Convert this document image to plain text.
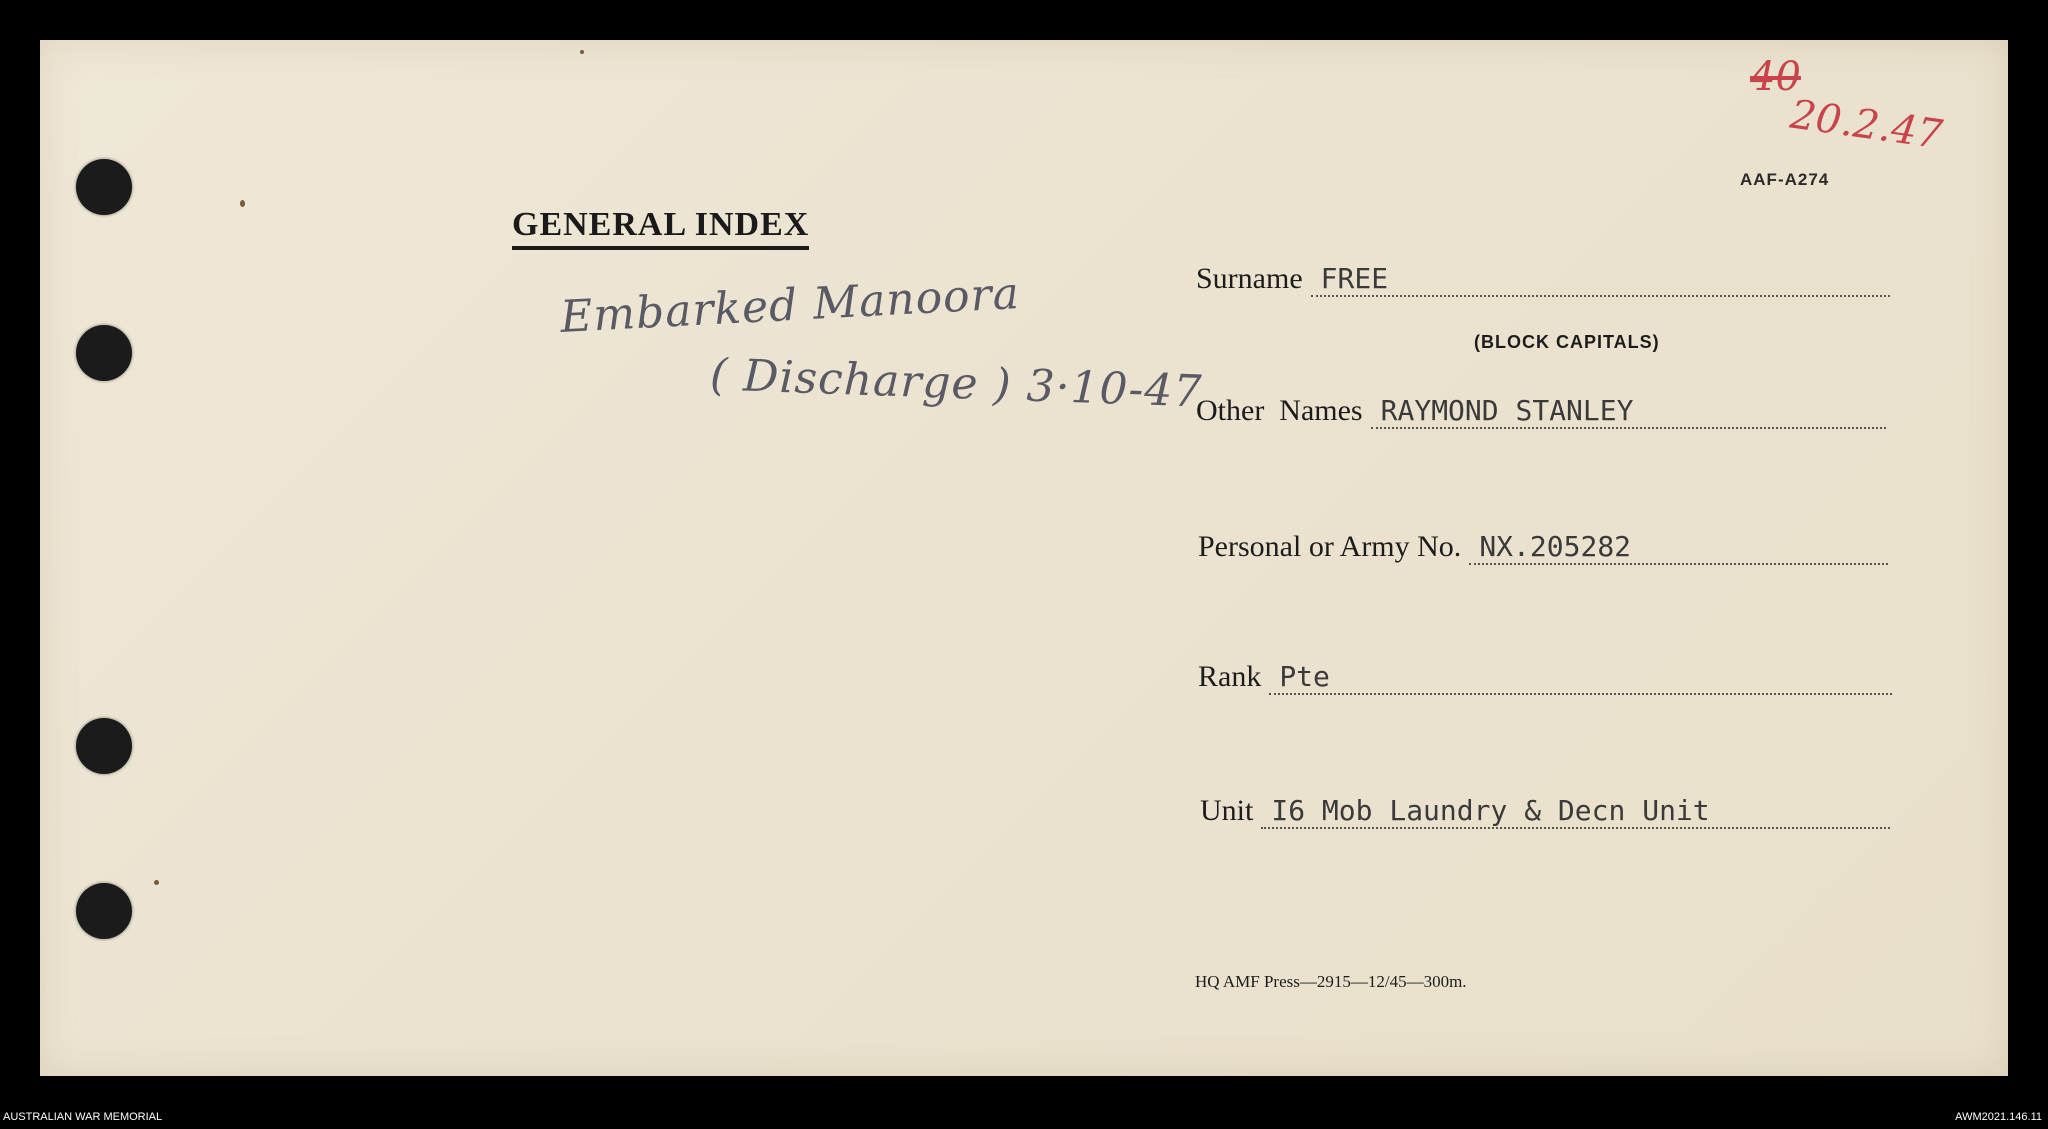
GENERAL INDEX
AAF-A274
40
20.2.47
Embarked Manoora
( Discharge ) 3·10-47
Surname FREE
(BLOCK CAPITALS)
Other  Names RAYMOND STANLEY
Personal or Army No. NX.205282
Rank Pte
Unit I6 Mob Laundry & Decn Unit
HQ AMF Press—2915—12/45—300m.
AUSTRALIAN WAR MEMORIAL	AWM2021.146.11
